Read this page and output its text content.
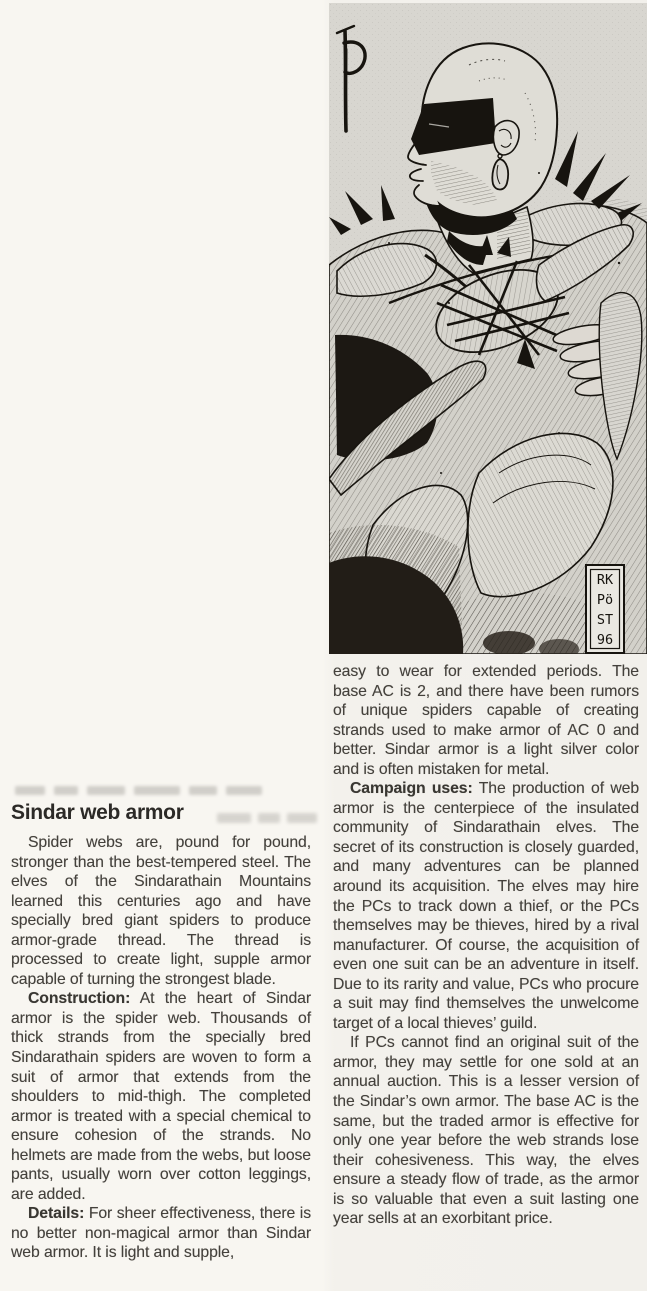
RK
Pö
ST
96
Sindar web armor

Spider webs are, pound for pound, stronger than the best-tempered steel. The elves of the Sindarathain Mountains learned this centuries ago and have specially bred giant spiders to produce armor-grade thread. The thread is processed to create light, supple armor capable of turning the strongest blade.

Construction: At the heart of Sindar armor is the spider web. Thousands of thick strands from the specially bred Sindarathain spiders are woven to form a suit of armor that extends from the shoulders to mid-thigh. The completed armor is treated with a special chemical to ensure cohesion of the strands. No helmets are made from the webs, but loose pants, usually worn over cotton leggings, are added.

Details: For sheer effectiveness, there is no better non-magical armor than Sindar web armor. It is light and supple,

easy to wear for extended periods. The base AC is 2, and there have been rumors of unique spiders capable of creating strands used to make armor of AC 0 and better. Sindar armor is a light silver color and is often mistaken for metal.

Campaign uses: The production of web armor is the centerpiece of the insulated community of Sindarathain elves. The secret of its construction is closely guarded, and many adventures can be planned around its acquisition. The elves may hire the PCs to track down a thief, or the PCs themselves may be thieves, hired by a rival manufacturer. Of course, the acquisition of even one suit can be an adventure in itself. Due to its rarity and value, PCs who procure a suit may find themselves the unwelcome target of a local thieves’ guild.

If PCs cannot find an original suit of the armor, they may settle for one sold at an annual auction. This is a lesser version of the Sindar’s own armor. The base AC is the same, but the traded armor is effective for only one year before the web strands lose their cohesiveness. This way, the elves ensure a steady flow of trade, as the armor is so valuable that even a suit lasting one year sells at an exorbitant price.
